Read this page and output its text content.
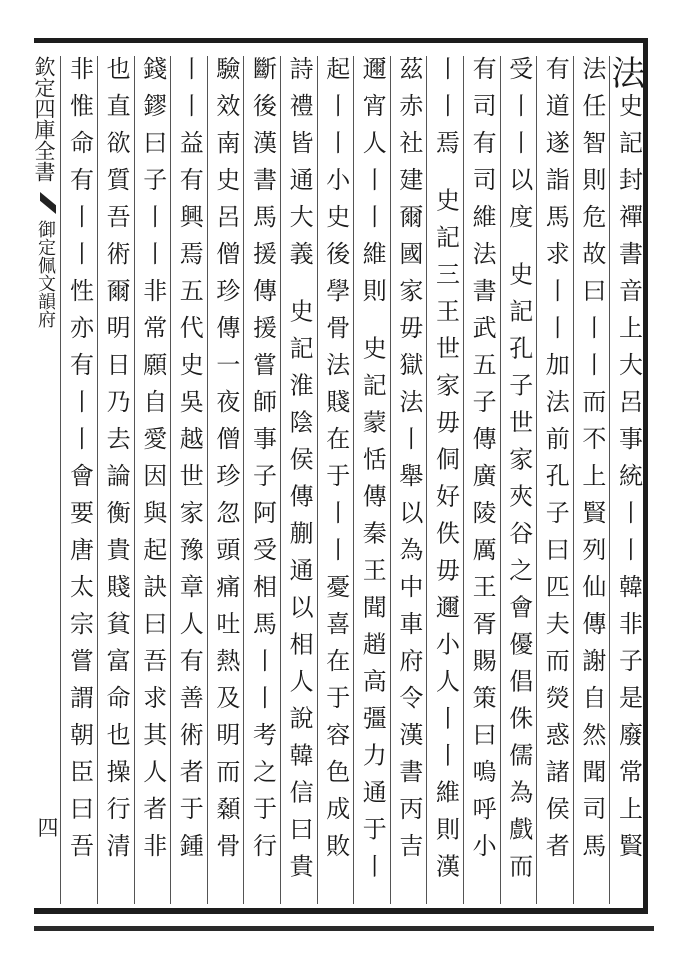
欽定四庫全書
御定佩文韻府
四
法
史記封禪書音上大呂事統丨丨韓非子是廢常上賢
法任智則危故曰丨丨而不上賢列仙傳謝自然聞司馬
有道遂詣馬求丨丨加法前孔子曰匹夫而熒惑諸侯者
受丨丨以度 史記孔子世家夾谷之會優倡侏儒為戲而
有司有司維法書武五子傳廣陵厲王胥賜策曰嗚呼小
丨丨焉 史記三王世家毋侗好佚毋邇小人丨丨維則漢
茲赤社建爾國家毋獄法丨舉以為中車府令漢書丙吉
邇宵人丨丨維則 史記蒙恬傳秦王聞趙高彊力通于丨
起丨丨小史後學骨法賤在于丨丨憂喜在于容色成敗
詩禮皆通大義 史記淮陰侯傳蒯通以相人說韓信曰貴
斷後漢書馬援傳援嘗師事子阿受相馬丨丨考之于行
驗效南史呂僧珍傳一夜僧珍忽頭痛吐熱及明而顙骨
丨丨益有興焉五代史吳越世家豫章人有善術者于鍾
錢鏐曰子丨丨非常願自愛因與起訣曰吾求其人者非
也直欲質吾術爾明日乃去論衡貴賤貧富命也操行清
非惟命有丨丨性亦有丨丨會要唐太宗嘗謂朝臣曰吾
